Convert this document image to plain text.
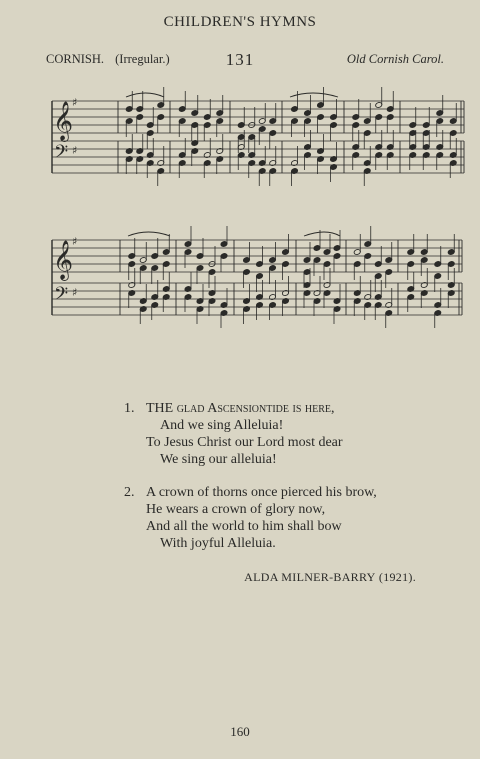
CHILDREN'S HYMNS
CORNISH. (Irregular.)	131	Old Cornish Carol.
𝄞
𝄢
♯
♯
𝄞
𝄢
♯
♯
1. THE glad Ascensiontide is here,
And we sing Alleluia!
To Jesus Christ our Lord most dear
We sing our alleluia!
2. A crown of thorns once pierced his brow,
He wears a crown of glory now,
And all the world to him shall bow
With joyful Alleluia.
ALDA MILNER-BARRY (1921).
160
